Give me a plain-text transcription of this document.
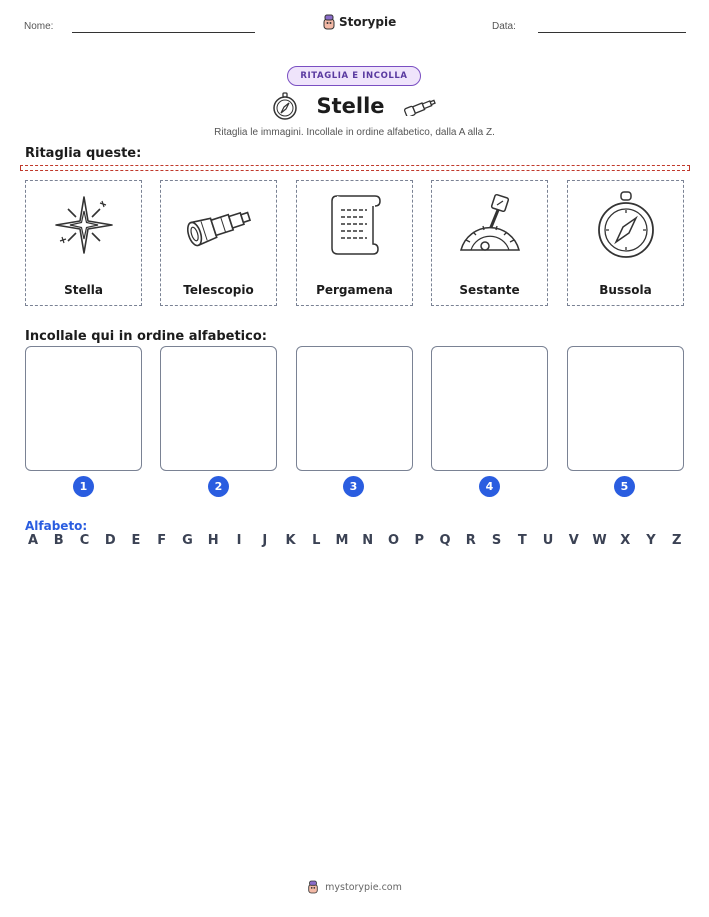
Nome:	Storypie	Data:
RITAGLIA E INCOLLA
Stelle
Ritaglia le immagini. Incollale in ordine alfabetico, dalla A alla Z.
Ritaglia queste:
Stella	Telescopio	Pergamena	Sestante	Bussola
Incollale qui in ordine alfabetico:
1	2	3	4	5
Alfabeto:
A B C D E F G H	I	J	K L M N O P Q R S T U V W X Y Z
mystorypie.com
